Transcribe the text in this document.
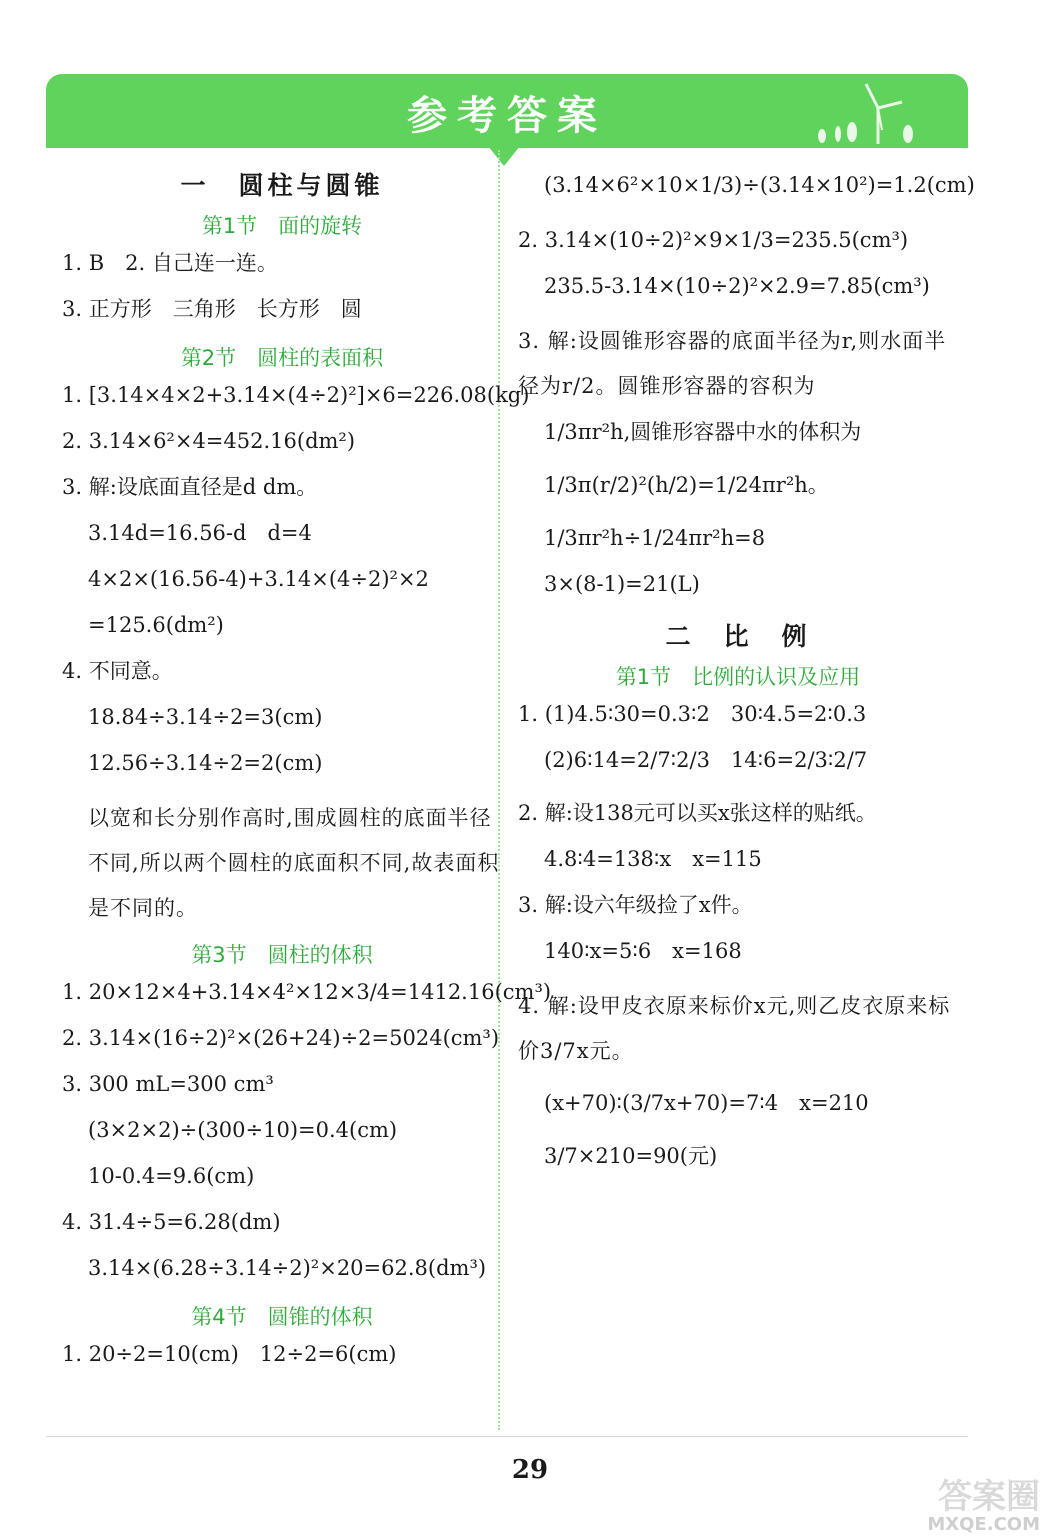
参考答案
一　圆柱与圆锥
第1节　面的旋转
1. B　2. 自己连一连。
3. 正方形　三角形　长方形　圆
第2节　圆柱的表面积
1. [3.14×4×2+3.14×(4÷2)²]×6=226.08(kg)
2. 3.14×6²×4=452.16(dm²)
3. 解:设底面直径是d dm。
3.14d=16.56-d　d=4
4×2×(16.56-4)+3.14×(4÷2)²×2
=125.6(dm²)
4. 不同意。
18.84÷3.14÷2=3(cm)
12.56÷3.14÷2=2(cm)
以宽和长分别作高时,围成圆柱的底面半径不同,所以两个圆柱的底面积不同,故表面积是不同的。
第3节　圆柱的体积
1. 20×12×4+3.14×4²×12×3/4=1412.16(cm³)
2. 3.14×(16÷2)²×(26+24)÷2=5024(cm³)
3. 300 mL=300 cm³
(3×2×2)÷(300÷10)=0.4(cm)
10-0.4=9.6(cm)
4. 31.4÷5=6.28(dm)
3.14×(6.28÷3.14÷2)²×20=62.8(dm³)
第4节　圆锥的体积
1. 20÷2=10(cm)　12÷2=6(cm)
(3.14×6²×10×1/3)÷(3.14×10²)=1.2(cm)
2. 3.14×(10÷2)²×9×1/3=235.5(cm³)
235.5-3.14×(10÷2)²×2.9=7.85(cm³)
3. 解:设圆锥形容器的底面半径为r,则水面半径为r/2。圆锥形容器的容积为
1/3πr²h,圆锥形容器中水的体积为
1/3π(r/2)²(h/2)=1/24πr²h。
1/3πr²h÷1/24πr²h=8
3×(8-1)=21(L)
二　比　例
第1节　比例的认识及应用
1. (1)4.5∶30=0.3∶2　30∶4.5=2∶0.3
(2)6∶14=2/7∶2/3　14∶6=2/3∶2/7
2. 解:设138元可以买x张这样的贴纸。
4.8∶4=138∶x　x=115
3. 解:设六年级捡了x件。
140∶x=5∶6　x=168
4. 解:设甲皮衣原来标价x元,则乙皮衣原来标价3/7x元。
(x+70)∶(3/7x+70)=7∶4　x=210
3/7×210=90(元)
29
答案圈
MXQE.COM
